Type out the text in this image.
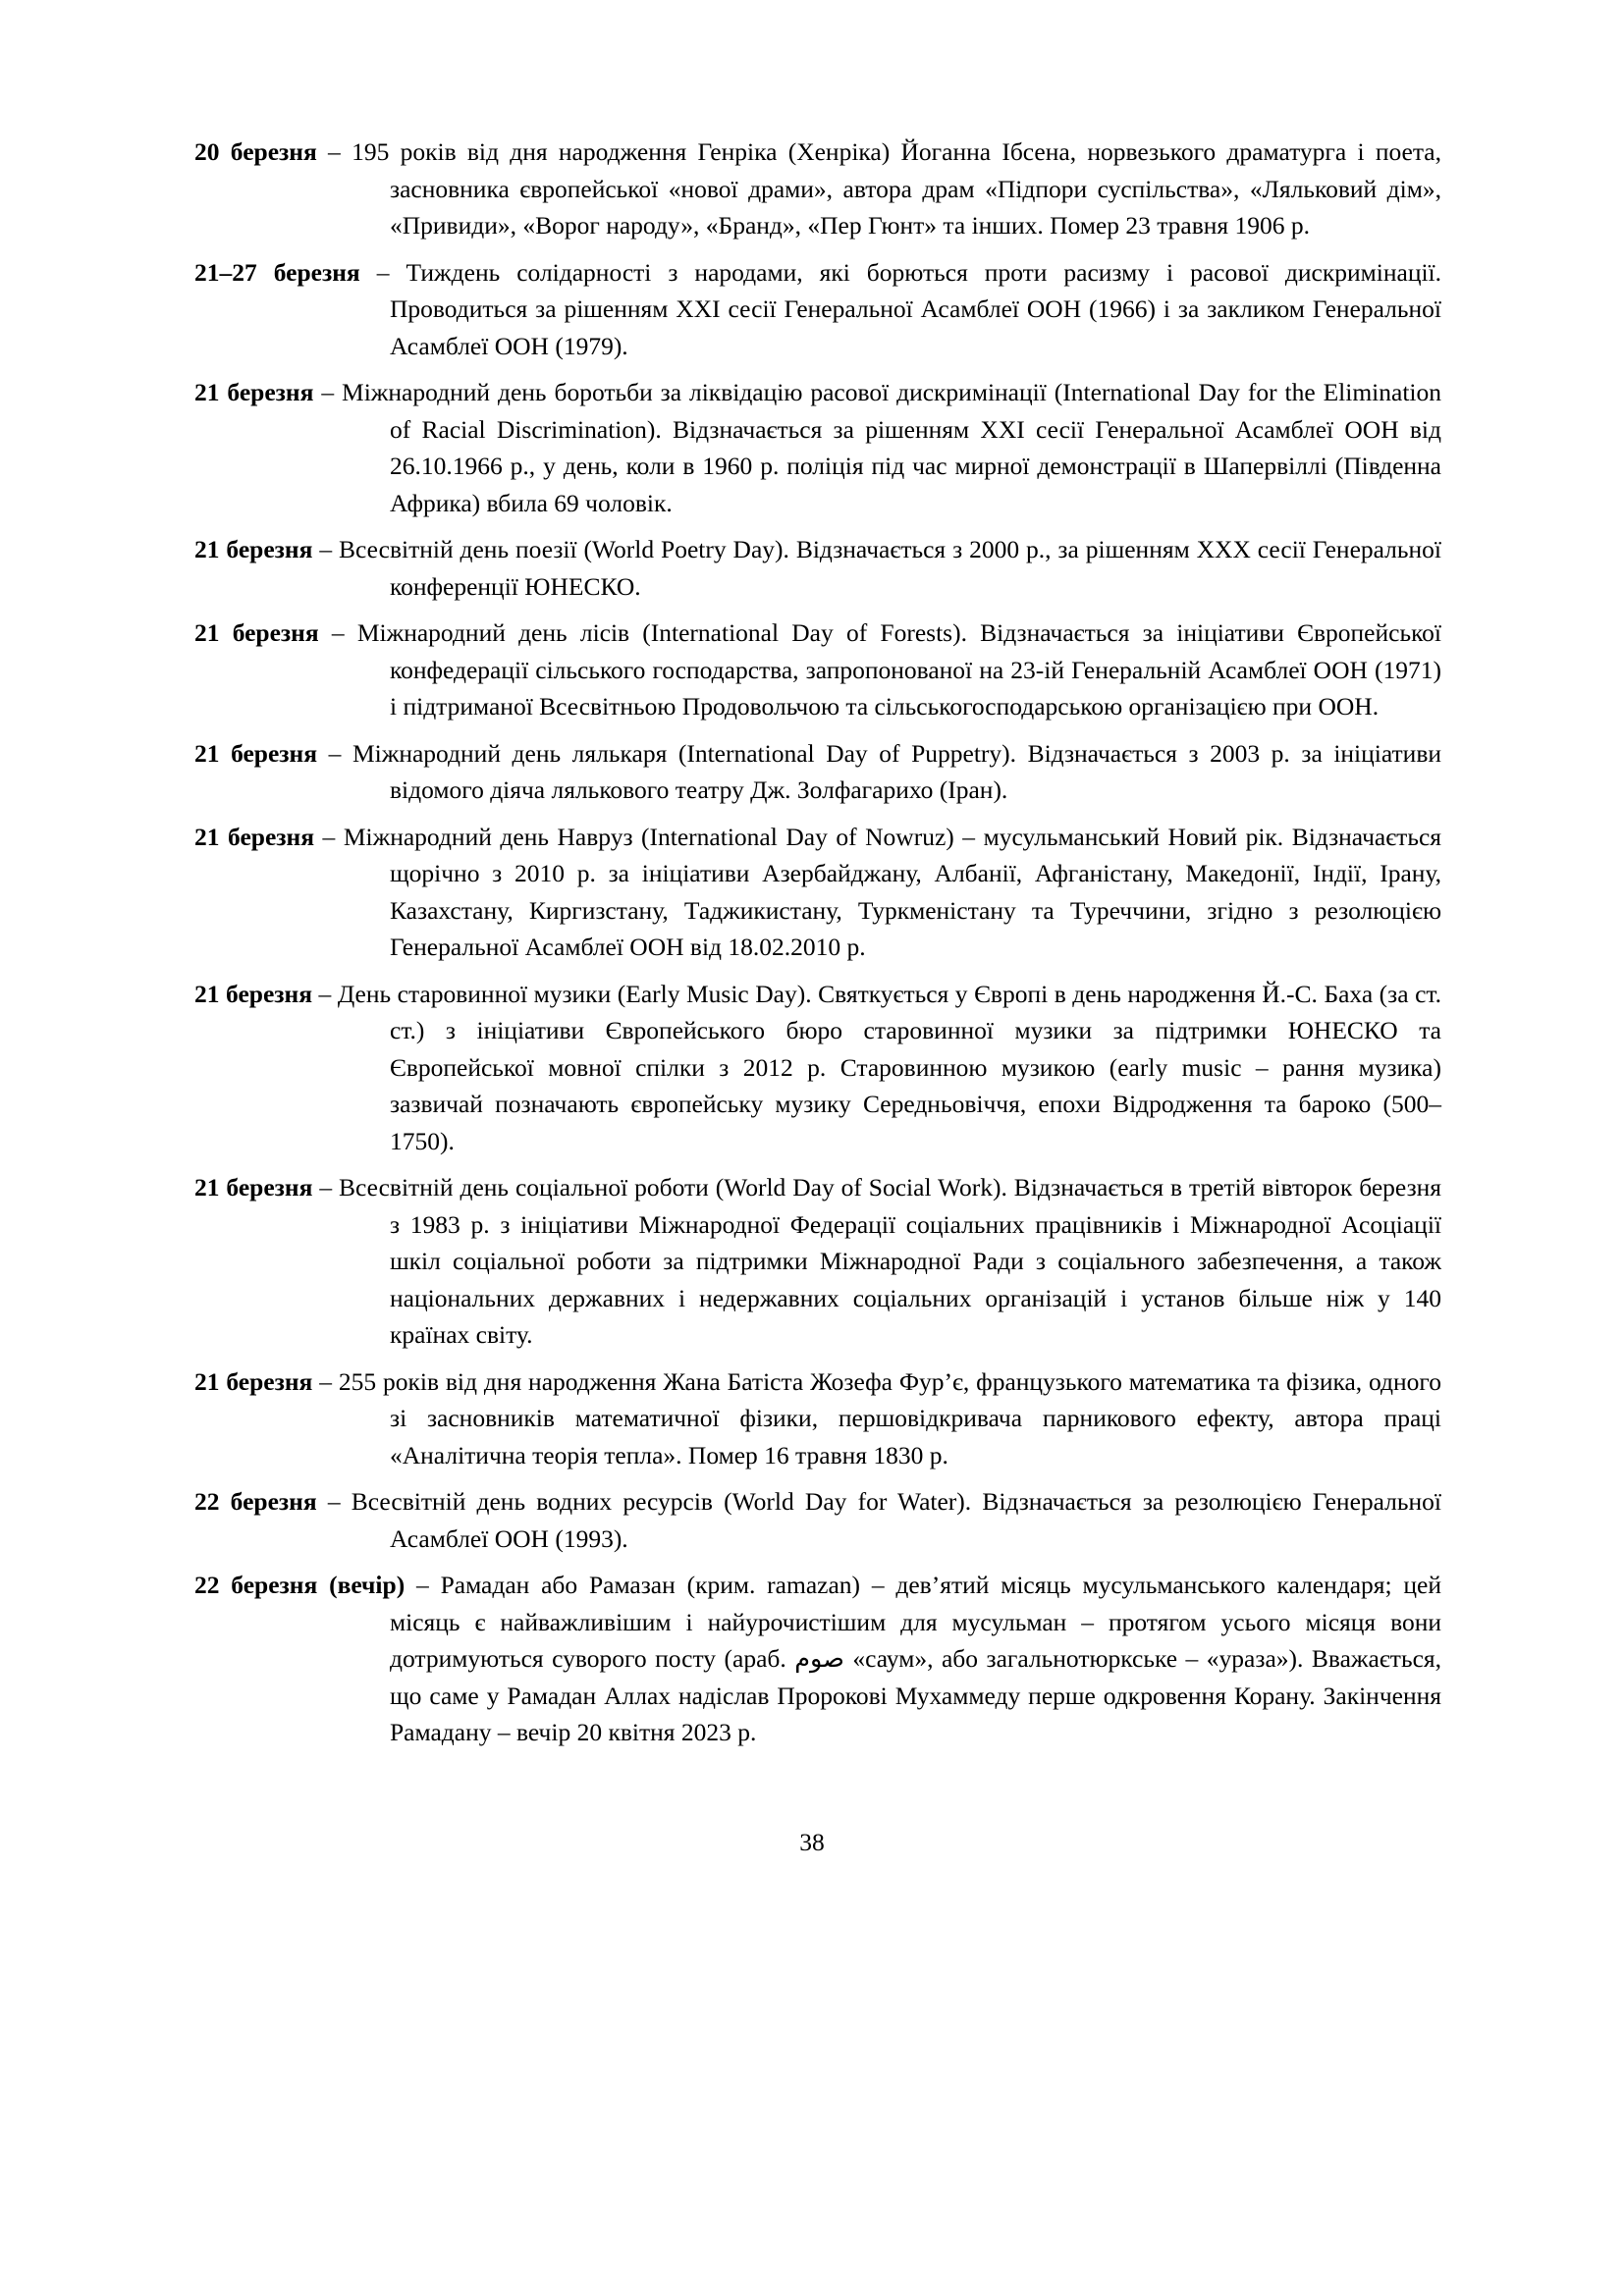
20 березня – 195 років від дня народження Генріка (Хенріка) Йоганна Ібсена, норвезького драматурга і поета, засновника європейської «нової драми», автора драм «Підпори суспільства», «Ляльковий дім», «Привиди», «Ворог народу», «Бранд», «Пер Гюнт» та інших. Помер 23 травня 1906 р.

21–27 березня – Тиждень солідарності з народами, які борються проти расизму і расової дискримінації. Проводиться за рішенням XXI сесії Генеральної Асамблеї ООН (1966) і за закликом Генеральної Асамблеї ООН (1979).

21 березня – Міжнародний день боротьби за ліквідацію расової дискримінації (International Day for the Elimination of Racial Discrimination). Відзначається за рішенням XXI сесії Генеральної Асамблеї ООН від 26.10.1966 р., у день, коли в 1960 р. поліція під час мирної демонстрації в Шапервіллі (Південна Африка) вбила 69 чоловік.

21 березня – Всесвітній день поезії (World Poetry Day). Відзначається з 2000 р., за рішенням XXX сесії Генеральної конференції ЮНЕСКО.

21 березня – Міжнародний день лісів (International Day of Forests). Відзначається за ініціативи Європейської конфедерації сільського господарства, запропонованої на 23-ій Генеральній Асамблеї ООН (1971) і підтриманої Всесвітньою Продовольчою та сільськогосподарською організацією при ООН.

21 березня – Міжнародний день лялькаря (International Day of Puppetry). Відзначається з 2003 р. за ініціативи відомого діяча лялькового театру Дж. Золфагарихо (Іран).

21 березня – Міжнародний день Навруз (International Day of Nowruz) – мусульманський Новий рік. Відзначається щорічно з 2010 р. за ініціативи Азербайджану, Албанії, Афганістану, Македонії, Індії, Ірану, Казахстану, Киргизстану, Таджикистану, Туркменістану та Туреччини, згідно з резолюцією Генеральної Асамблеї ООН від 18.02.2010 р.

21 березня – День старовинної музики (Early Music Day). Святкується у Європі в день народження Й.-С. Баха (за ст. ст.) з ініціативи Європейського бюро старовинної музики за підтримки ЮНЕСКО та Європейської мовної спілки з 2012 р. Старовинною музикою (early music – рання музика) зазвичай позначають європейську музику Середньовіччя, епохи Відродження та бароко (500–1750).

21 березня – Всесвітній день соціальної роботи (World Day of Social Work). Відзначається в третій вівторок березня з 1983 р. з ініціативи Міжнародної Федерації соціальних працівників і Міжнародної Асоціації шкіл соціальної роботи за підтримки Міжнародної Ради з соціального забезпечення, а також національних державних і недержавних соціальних організацій і установ більше ніж у 140 країнах світу.

21 березня – 255 років від дня народження Жана Батіста Жозефа Фур’є, французького математика та фізика, одного зі засновників математичної фізики, першовідкривача парникового ефекту, автора праці «Аналітична теорія тепла». Помер 16 травня 1830 р.

22 березня – Всесвітній день водних ресурсів (World Day for Water). Відзначається за резолюцією Генеральної Асамблеї ООН (1993).

22 березня (вечір) – Рамадан або Рамазан (крим. ramazan) – дев’ятий місяць мусульманського календаря; цей місяць є найважливішим і найурочистішим для мусульман – протягом усього місяця вони дотримуються суворого посту (араб. صوم «саум», або загальнотюркське – «ураза»). Вважається, що саме у Рамадан Аллах надіслав Пророкові Мухаммеду перше одкровення Корану. Закінчення Рамадану – вечір 20 квітня 2023 р.

38
